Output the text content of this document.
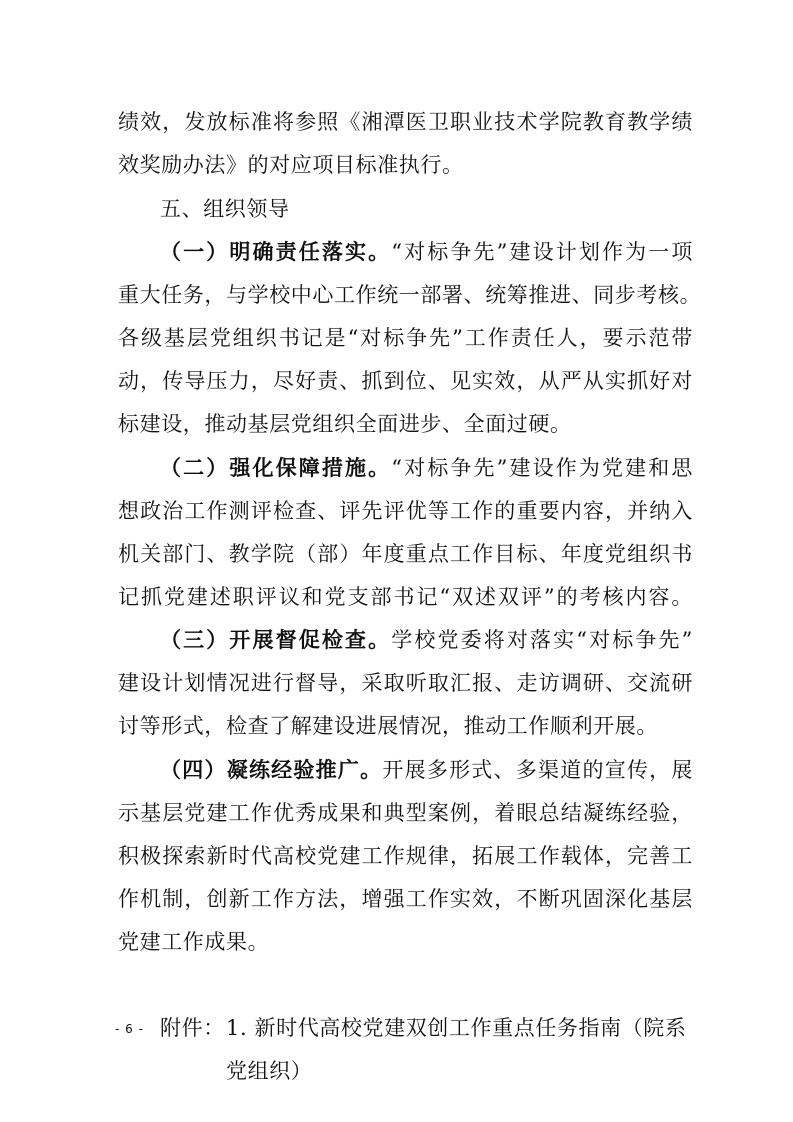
绩效，发放标准将参照《湘潭医卫职业技术学院教育教学绩
效奖励办法》的对应项目标准执行。
五、组织领导
（一）明确责任落实。“对标争先”建设计划作为一项
重大任务，与学校中心工作统一部署、统筹推进、同步考核。
各级基层党组织书记是“对标争先”工作责任人，要示范带
动，传导压力，尽好责、抓到位、见实效，从严从实抓好对
标建设，推动基层党组织全面进步、全面过硬。
（二）强化保障措施。“对标争先”建设作为党建和思
想政治工作测评检查、评先评优等工作的重要内容，并纳入
机关部门、教学院（部）年度重点工作目标、年度党组织书
记抓党建述职评议和党支部书记“双述双评”的考核内容。
（三）开展督促检查。学校党委将对落实“对标争先”
建设计划情况进行督导，采取听取汇报、走访调研、交流研
讨等形式，检查了解建设进展情况，推动工作顺利开展。
（四）凝练经验推广。开展多形式、多渠道的宣传，展
示基层党建工作优秀成果和典型案例，着眼总结凝练经验，
积极探索新时代高校党建工作规律，拓展工作载体，完善工
作机制，创新工作方法，增强工作实效，不断巩固深化基层
党建工作成果。
附件： 1. 新时代高校党建双创工作重点任务指南（院系
党组织）
- 6 -
